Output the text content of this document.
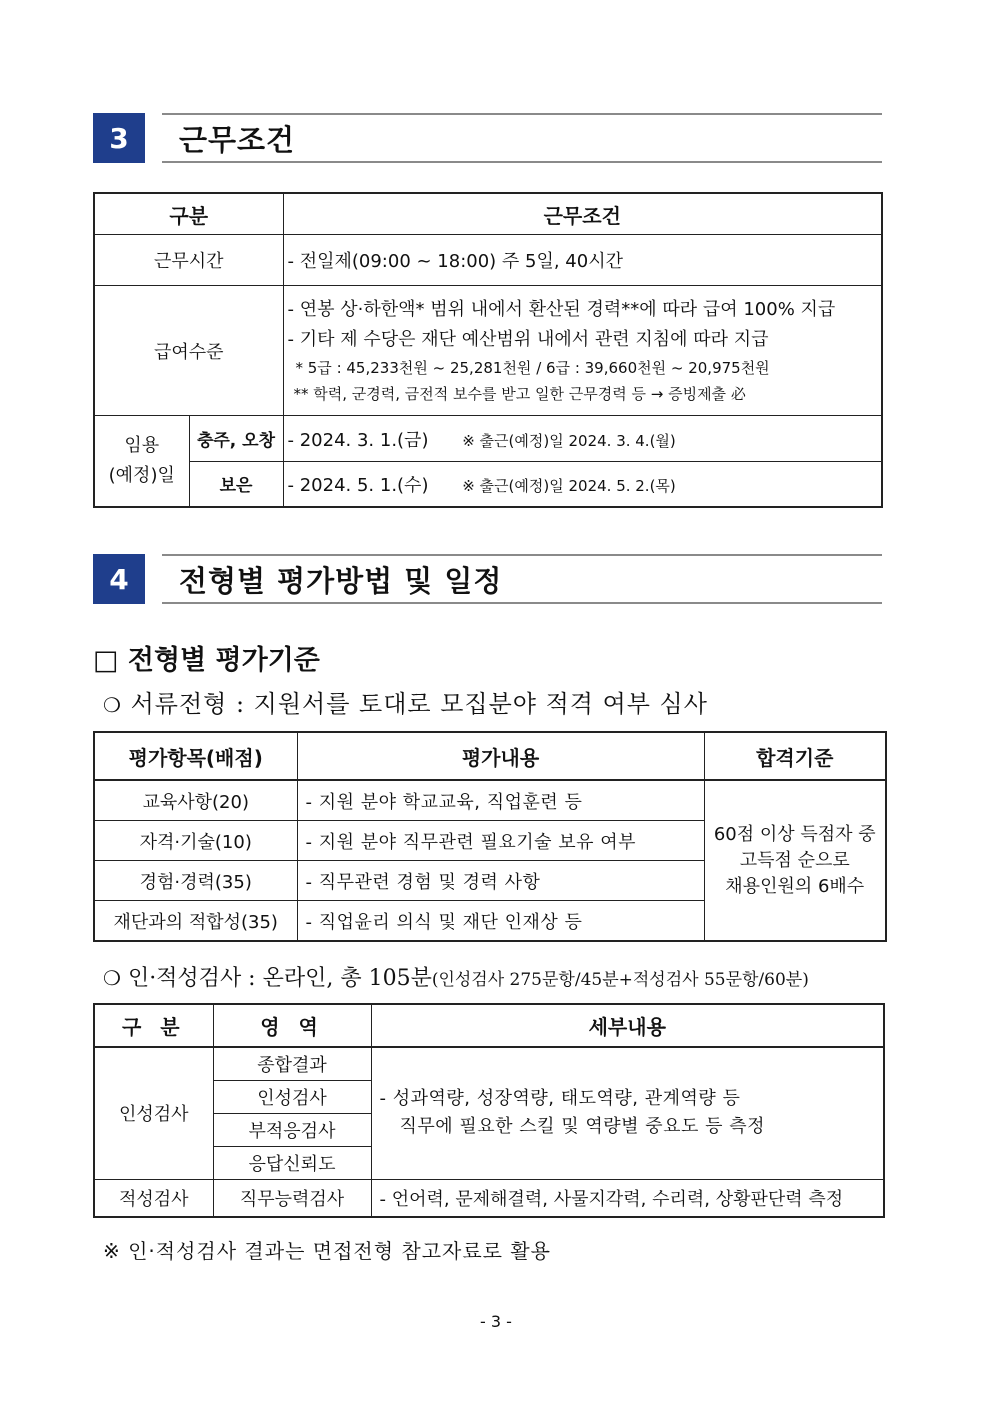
3	근무조건
구분		근무조건
근무시간		- 전일제(09:00 ~ 18:00) 주 5일, 40시간
급여수준		- 연봉 상·하한액* 범위 내에서 환산된 경력**에 따라 급여 100% 지급
- 기타 제 수당은 재단 예산범위 내에서 관련 지침에 따라 지급
* 5급 : 45,233천원 ~ 25,281천원 / 6급 : 39,660천원 ~ 20,975천원
** 학력, 군경력, 금전적 보수를 받고 일한 근무경력 등 → 증빙제출 必

임용
(예정)일	충주, 오창	- 2024. 3. 1.(금) ※ 출근(예정)일 2024. 3. 4.(월)
	보은	- 2024. 5. 1.(수) ※ 출근(예정)일 2024. 5. 2.(목)
4	전형별 평가방법 및 일정
□ 전형별 평가기준
❍ 서류전형 : 지원서를 토대로 모집분야 적격 여부 심사
평가항목(배점)	평가내용	합격기준
교육사항(20)	- 지원 분야 학교교육, 직업훈련 등	60점 이상 득점자 중
고득점 순으로
채용인원의 6배수

자격·기술(10)	- 지원 분야 직무관련 필요기술 보유 여부	
경험·경력(35)	- 직무관련 경험 및 경력 사항	
재단과의 적합성(35)	- 직업윤리 의식 및 재단 인재상 등	
❍ 인·적성검사 : 온라인, 총 105분(인성검사 275문항/45분+적성검사 55문항/60분)
구 분	영 역	세부내용
인성검사	종합결과	- 성과역량, 성장역량, 태도역량, 관계역량 등
직무에 필요한 스킬 및 역량별 중요도 등 측정

	인성검사	
	부적응검사	
	응답신뢰도	
적성검사	직무능력검사	- 언어력, 문제해결력, 사물지각력, 수리력, 상황판단력 측정
※ 인·적성검사 결과는 면접전형 참고자료로 활용
- 3 -
